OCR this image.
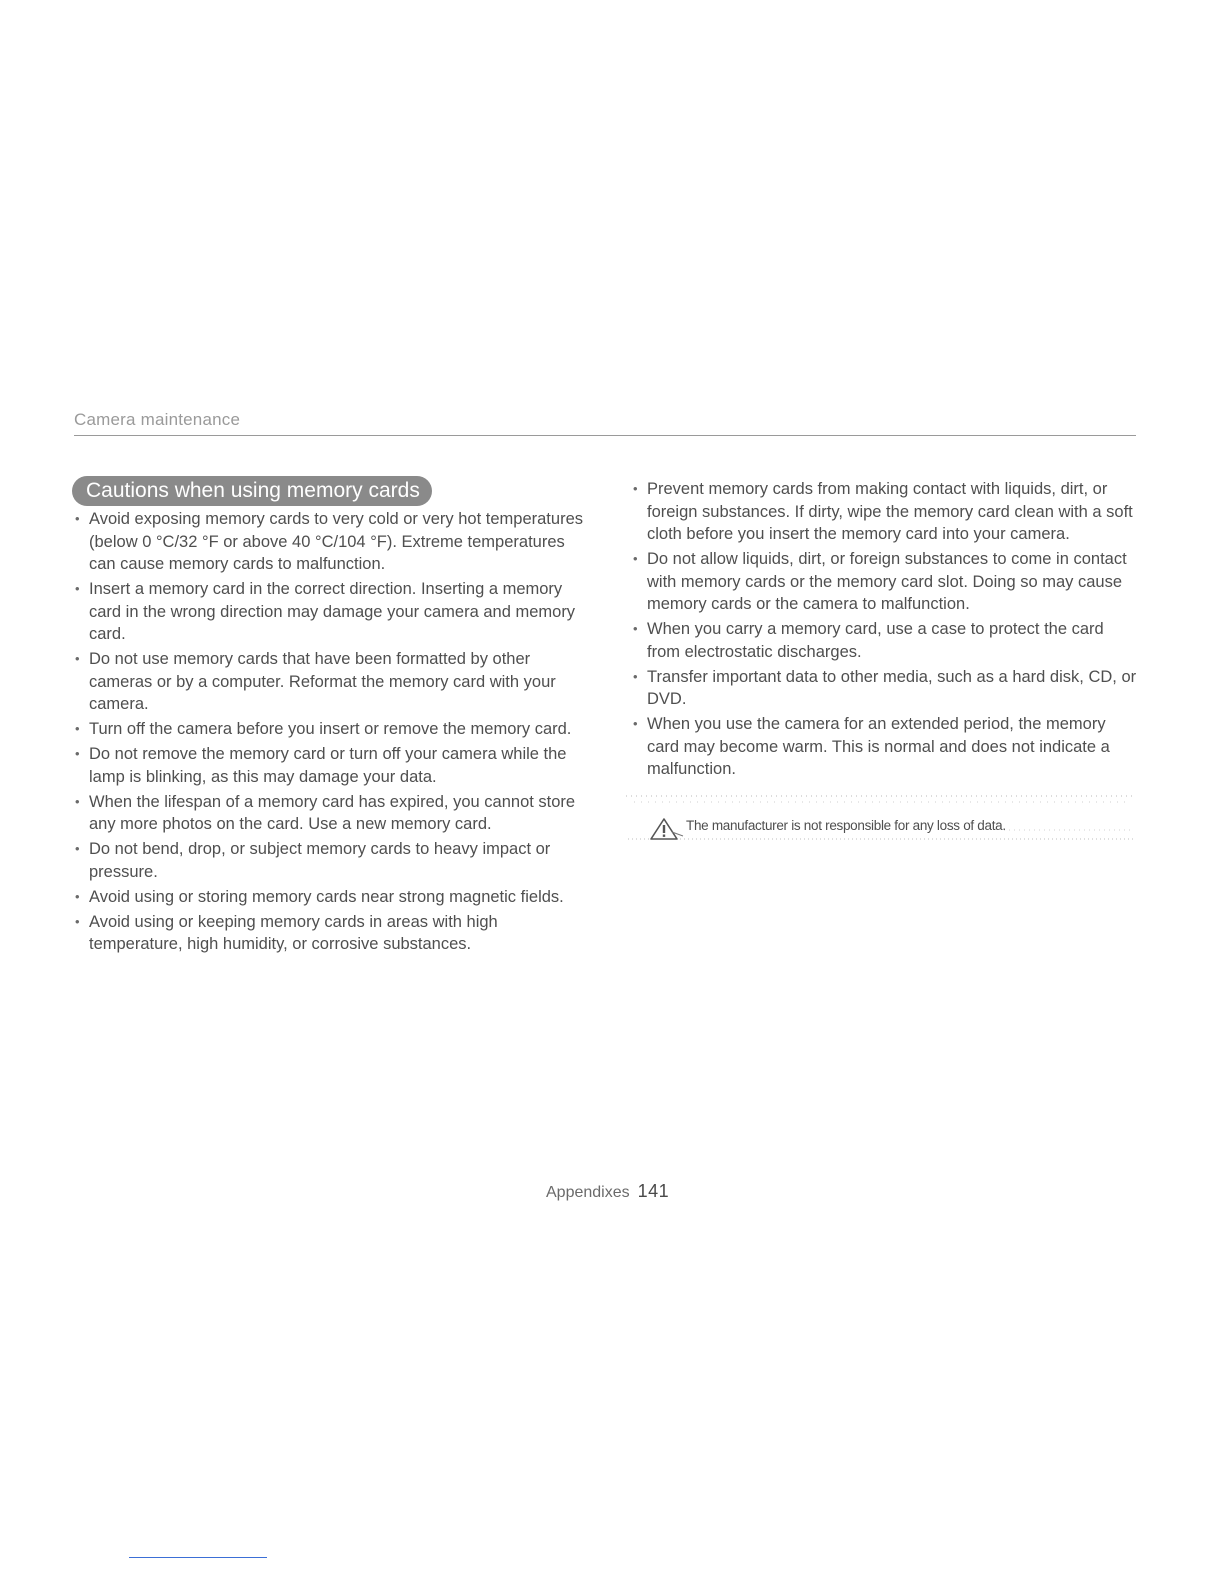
Camera maintenance
Cautions when using memory cards
• Avoid exposing memory cards to very cold or very hot temperatures (below 0 °C/32 °F or above 40 °C/104 °F). Extreme temperatures can cause memory cards to malfunction.
• Insert a memory card in the correct direction. Inserting a memory card in the wrong direction may damage your camera and memory card.
• Do not use memory cards that have been formatted by other cameras or by a computer. Reformat the memory card with your camera.
• Turn off the camera before you insert or remove the memory card.
• Do not remove the memory card or turn off your camera while the lamp is blinking, as this may damage your data.
• When the lifespan of a memory card has expired, you cannot store any more photos on the card. Use a new memory card.
• Do not bend, drop, or subject memory cards to heavy impact or pressure.
• Avoid using or storing memory cards near strong magnetic fields.
• Avoid using or keeping memory cards in areas with high temperature, high humidity, or corrosive substances.
• Prevent memory cards from making contact with liquids, dirt, or foreign substances. If dirty, wipe the memory card clean with a soft cloth before you insert the memory card into your camera.
• Do not allow liquids, dirt, or foreign substances to come in contact with memory cards or the memory card slot. Doing so may cause memory cards or the camera to malfunction.
• When you carry a memory card, use a case to protect the card from electrostatic discharges.
• Transfer important data to other media, such as a hard disk, CD, or DVD.
• When you use the camera for an extended period, the memory card may become warm. This is normal and does not indicate a malfunction.
The manufacturer is not responsible for any loss of data.
Appendixes 141
